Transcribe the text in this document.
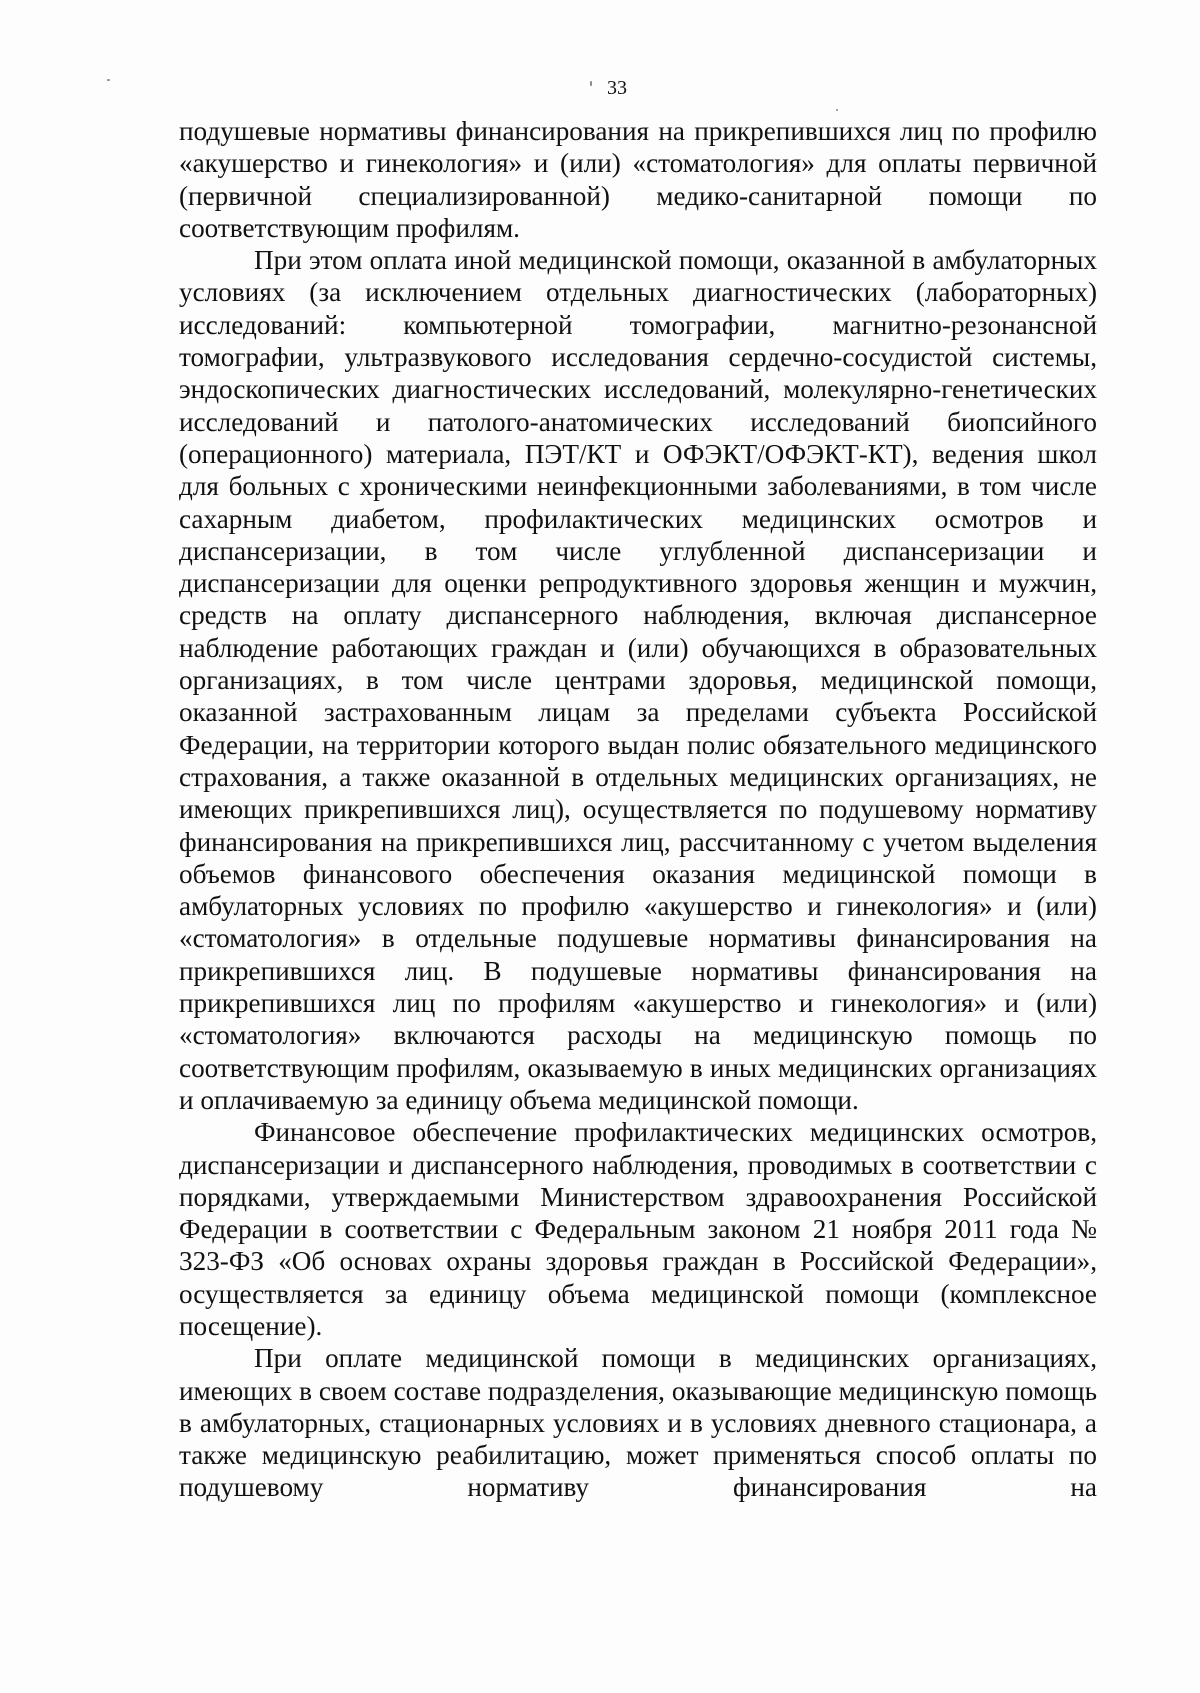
33

подушевые нормативы финансирования на прикрепившихся лиц по профилю «акушерство и гинекология» и (или) «стоматология» для оплаты первичной (первичной специализированной) медико-санитарной помощи по соответствующим профилям.

При этом оплата иной медицинской помощи, оказанной в амбулаторных условиях (за исключением отдельных диагностических (лабораторных) исследований: компьютерной томографии, магнитно-резонансной томографии, ультразвукового исследования сердечно-сосудистой системы, эндоскопических диагностических исследований, молекулярно-генетических исследований и патолого-анатомических исследований биопсийного (операционного) материала, ПЭТ/КТ и ОФЭКТ/ОФЭКТ-КТ), ведения школ для больных с хроническими неинфекционными заболеваниями, в том числе сахарным диабетом, профилактических медицинских осмотров и диспансеризации, в том числе углубленной диспансеризации и диспансеризации для оценки репродуктивного здоровья женщин и мужчин, средств на оплату диспансерного наблюдения, включая диспансерное наблюдение работающих граждан и (или) обучающихся в образовательных организациях, в том числе центрами здоровья, медицинской помощи, оказанной застрахованным лицам за пределами субъекта Российской Федерации, на территории которого выдан полис обязательного медицинского страхования, а также оказанной в отдельных медицинских организациях, не имеющих прикрепившихся лиц), осуществляется по подушевому нормативу финансирования на прикрепившихся лиц, рассчитанному с учетом выделения объемов финансового обеспечения оказания медицинской помощи в амбулаторных условиях по профилю «акушерство и гинекология» и (или) «стоматология» в отдельные подушевые нормативы финансирования на прикрепившихся лиц. В подушевые нормативы финансирования на прикрепившихся лиц по профилям «акушерство и гинекология» и (или) «стоматология» включаются расходы на медицинскую помощь по соответствующим профилям, оказываемую в иных медицинских организациях и оплачиваемую за единицу объема медицинской помощи.

Финансовое обеспечение профилактических медицинских осмотров, диспансеризации и диспансерного наблюдения, проводимых в соответствии с порядками, утверждаемыми Министерством здравоохранения Российской Федерации в соответствии с Федеральным законом 21 ноября 2011 года № 323-ФЗ «Об основах охраны здоровья граждан в Российской Федерации», осуществляется за единицу объема медицинской помощи (комплексное посещение).

При оплате медицинской помощи в медицинских организациях, имеющих в своем составе подразделения, оказывающие медицинскую помощь в амбулаторных, стационарных условиях и в условиях дневного стационара, а также медицинскую реабилитацию, может применяться способ оплаты по подушевому нормативу финансирования на
